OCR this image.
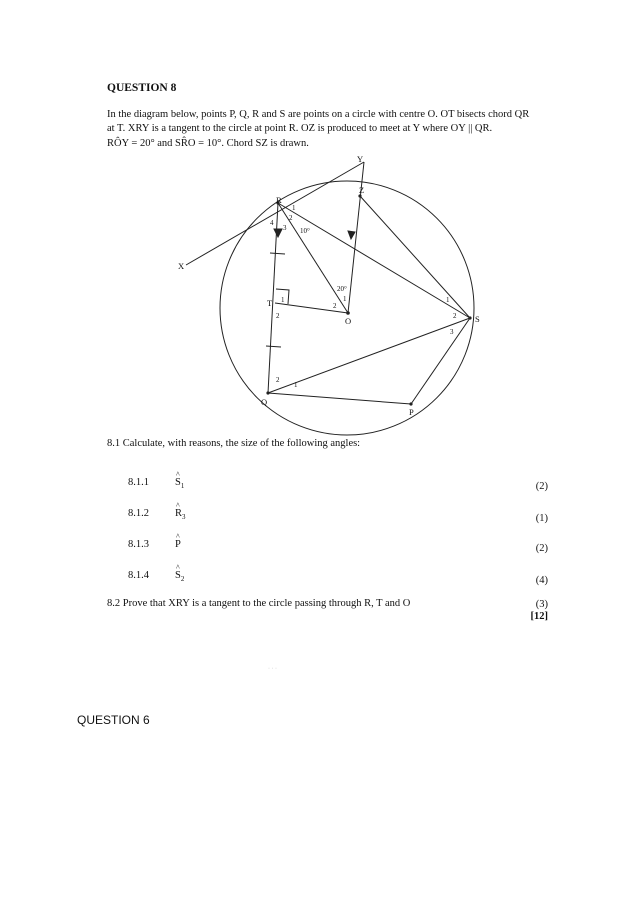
QUESTION 8
In the diagram below, points P, Q, R and S are points on a circle with centre O. OT bisects chord QR
at T. XRY is a tangent to the circle at point R. OZ is produced to meet at Y where OY || QR.
RÔY = 20° and SR̂O = 10°. Chord SZ is drawn.
R
Y
Z
X
T
O	S
Q
P
1
2
3
4
1
2
1
2
1
2
1
2
3
10°
20°
8.1 Calculate, with reasons, the size of the following angles:
8.1.1 ^ $S_1$	(2)
8.1.2 ^ $R_3$	(1)
8.1.3 ^ P	(2)
8.1.4 ^ $S_2$	(4)
8.2 Prove that XRY is a tangent to the circle passing through R, T and O	(3)
[12]
· · ·
QUESTION 6
